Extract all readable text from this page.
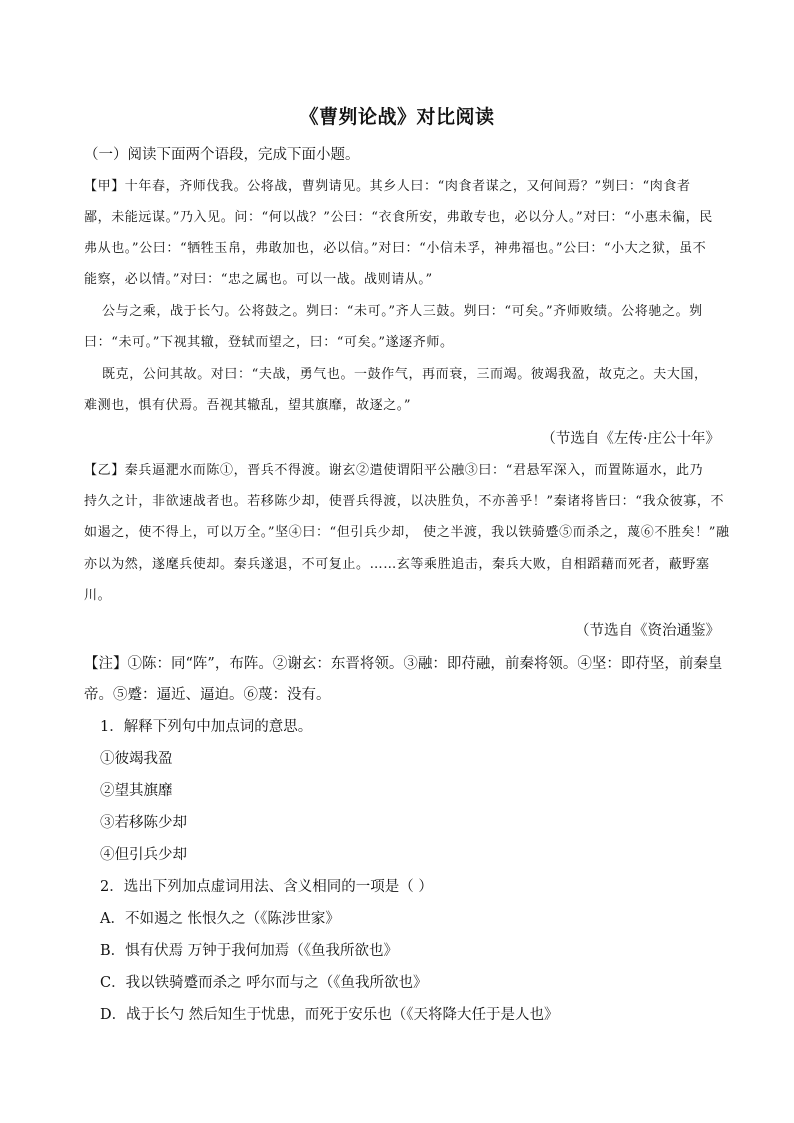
《曹刿论战》对比阅读
（一）阅读下面两个语段，完成下面小题。
【甲】十年春，齐师伐我。公将战，曹刿请见。其乡人曰：“肉食者谋之，又何间焉？”刿曰：“肉食者
鄙，未能远谋。”乃入见。问：“何以战？”公曰：“衣食所安，弗敢专也，必以分人。”对曰：“小惠未徧，民
弗从也。”公曰：“牺牲玉帛，弗敢加也，必以信。”对曰：“小信未孚，神弗福也。”公曰：“小大之狱，虽不
能察，必以情。”对曰：“忠之属也。可以一战。战则请从。”
公与之乘，战于长勺。公将鼓之。刿曰：“未可。”齐人三鼓。刿曰：“可矣。”齐师败绩。公将驰之。刿
曰：“未可。”下视其辙，登轼而望之，曰：“可矣。”遂逐齐师。
既克，公问其故。对曰：“夫战，勇气也。一鼓作气，再而衰，三而竭。彼竭我盈，故克之。夫大国，
难测也，惧有伏焉。吾视其辙乱，望其旗靡，故逐之。”
（节选自《左传·庄公十年》
【乙】秦兵逼淝水而陈①，晋兵不得渡。谢玄②遣使谓阳平公融③曰：“君悬军深入，而置陈逼水，此乃
持久之计，非欲速战者也。若移陈少却，使晋兵得渡，以决胜负，不亦善乎！”秦诸将皆曰：“我众彼寡，不
如遏之，使不得上，可以万全。”坚④曰：“但引兵少却， 使之半渡，我以铁骑蹙⑤而杀之，蔑⑥不胜矣！”融
亦以为然，遂麾兵使却。秦兵遂退，不可复止。……玄等乘胜追击，秦兵大败，自相蹈藉而死者，蔽野塞
川。
（节选自《资治通鉴》
【注】①陈：同“阵”，布阵。②谢玄：东晋将领。③融：即苻融，前秦将领。④坚：即苻坚，前秦皇
帝。⑤蹙：逼近、逼迫。⑥蔑：没有。
1．解释下列句中加点词的意思。
①彼竭我盈
②望其旗靡
③若移陈少却
④但引兵少却
2．选出下列加点虚词用法、含义相同的一项是（ ）
A．不如遏之 怅恨久之（《陈涉世家》
B．惧有伏焉 万钟于我何加焉（《鱼我所欲也》
C．我以铁骑蹙而杀之 呼尔而与之（《鱼我所欲也》
D．战于长勺 然后知生于忧患，而死于安乐也（《天将降大任于是人也》
